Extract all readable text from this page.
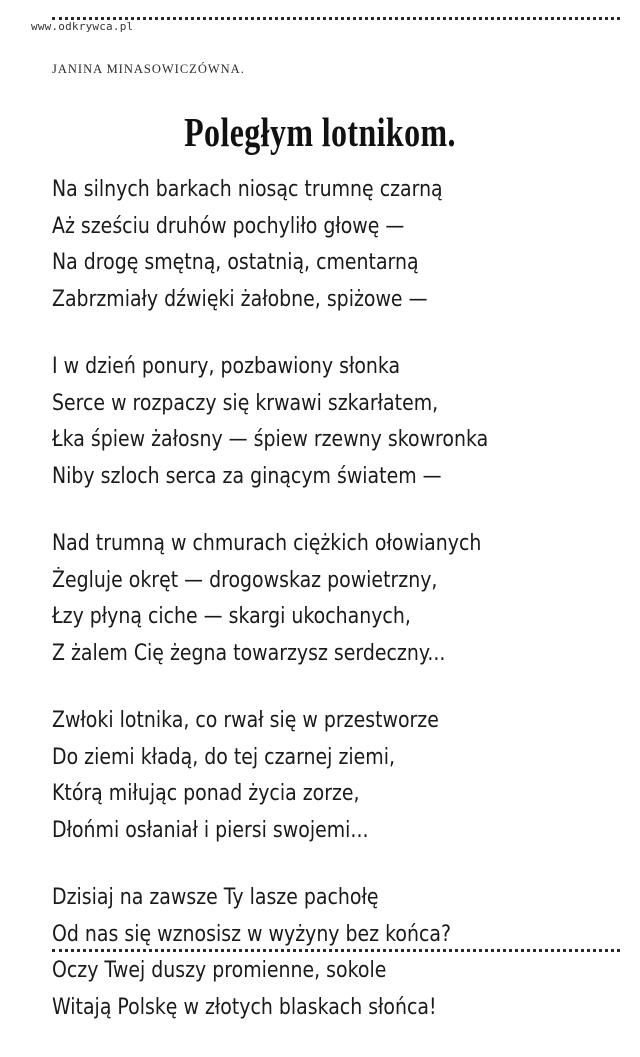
www.odkrywca.pl
JANINA MINASOWICZÓWNA.
Poległym lotnikom.
Na silnych barkach niosąc trumnę czarną
Aż sześciu druhów pochyliło głowę —
Na drogę smętną, ostatnią, cmentarną
Zabrzmiały dźwięki żałobne, spiżowe —
I w dzień ponury, pozbawiony słonka
Serce w rozpaczy się krwawi szkarłatem,
Łka śpiew żałosny — śpiew rzewny skowronka
Niby szloch serca za ginącym światem —
Nad trumną w chmurach ciężkich ołowianych
Żegluje okręt — drogowskaz powietrzny,
Łzy płyną ciche — skargi ukochanych,
Z żalem Cię żegna towarzysz serdeczny...
Zwłoki lotnika, co rwał się w przestworze
Do ziemi kładą, do tej czarnej ziemi,
Którą miłując ponad życia zorze,
Dłońmi osłaniał i piersi swojemi...
Dzisiaj na zawsze Ty lasze pachołę
Od nas się wznosisz w wyżyny bez końca?
Oczy Twej duszy promienne, sokole
Witają Polskę w złotych blaskach słońca!
